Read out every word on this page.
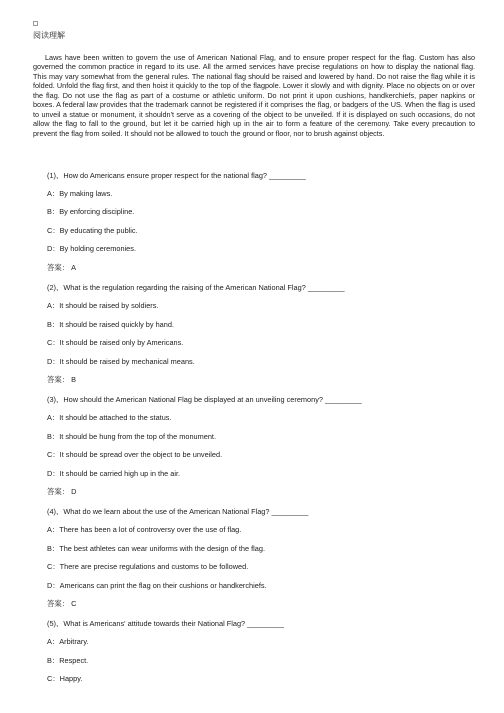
阅读理解

Laws have been written to govern the use of American National Flag, and to ensure proper respect for the flag. Custom has also governed the common practice in regard to its use. All the armed services have precise regulations on how to display the national flag. This may vary somewhat from the general rules. The national flag should be raised and lowered by hand. Do not raise the flag while it is folded. Unfold the flag first, and then hoist it quickly to the top of the flagpole. Lower it slowly and with dignity. Place no objects on or over the flag. Do not use the flag as part of a costume or athletic uniform. Do not print it upon cushions, handkerchiefs, paper napkins or boxes. A federal law provides that the trademark cannot be registered if it comprises the flag, or badgers of the US. When the flag is used to unveil a statue or monument, it shouldn't serve as a covering of the object to be unveiled. If it is displayed on such occasions, do not allow the flag to fall to the ground, but let it be carried high up in the air to form a feature of the ceremony. Take every precaution to prevent the flag from soiled. It should not be allowed to touch the ground or floor, nor to brush against objects.

(1)、How do Americans ensure proper respect for the national flag? _________
A：By making laws.
B：By enforcing discipline.
C：By educating the public.
D：By holding ceremonies.
答案： A
(2)、What is the regulation regarding the raising of the American National Flag? _________
A：It should be raised by soldiers.
B：It should be raised quickly by hand.
C：It should be raised only by Americans.
D：It should be raised by mechanical means.
答案： B
(3)、How should the American National Flag be displayed at an unveiling ceremony? _________
A：It should be attached to the status.
B：It should be hung from the top of the monument.
C：It should be spread over the object to be unveiled.
D：It should be carried high up in the air.
答案： D
(4)、What do we learn about the use of the American National Flag? _________
A：There has been a lot of controversy over the use of flag.
B：The best athletes can wear uniforms with the design of the flag.
C：There are precise regulations and customs to be followed.
D：Americans can print the flag on their cushions or handkerchiefs.
答案： C
(5)、What is Americans' attitude towards their National Flag? _________
A：Arbitrary.
B：Respect.
C：Happy.
